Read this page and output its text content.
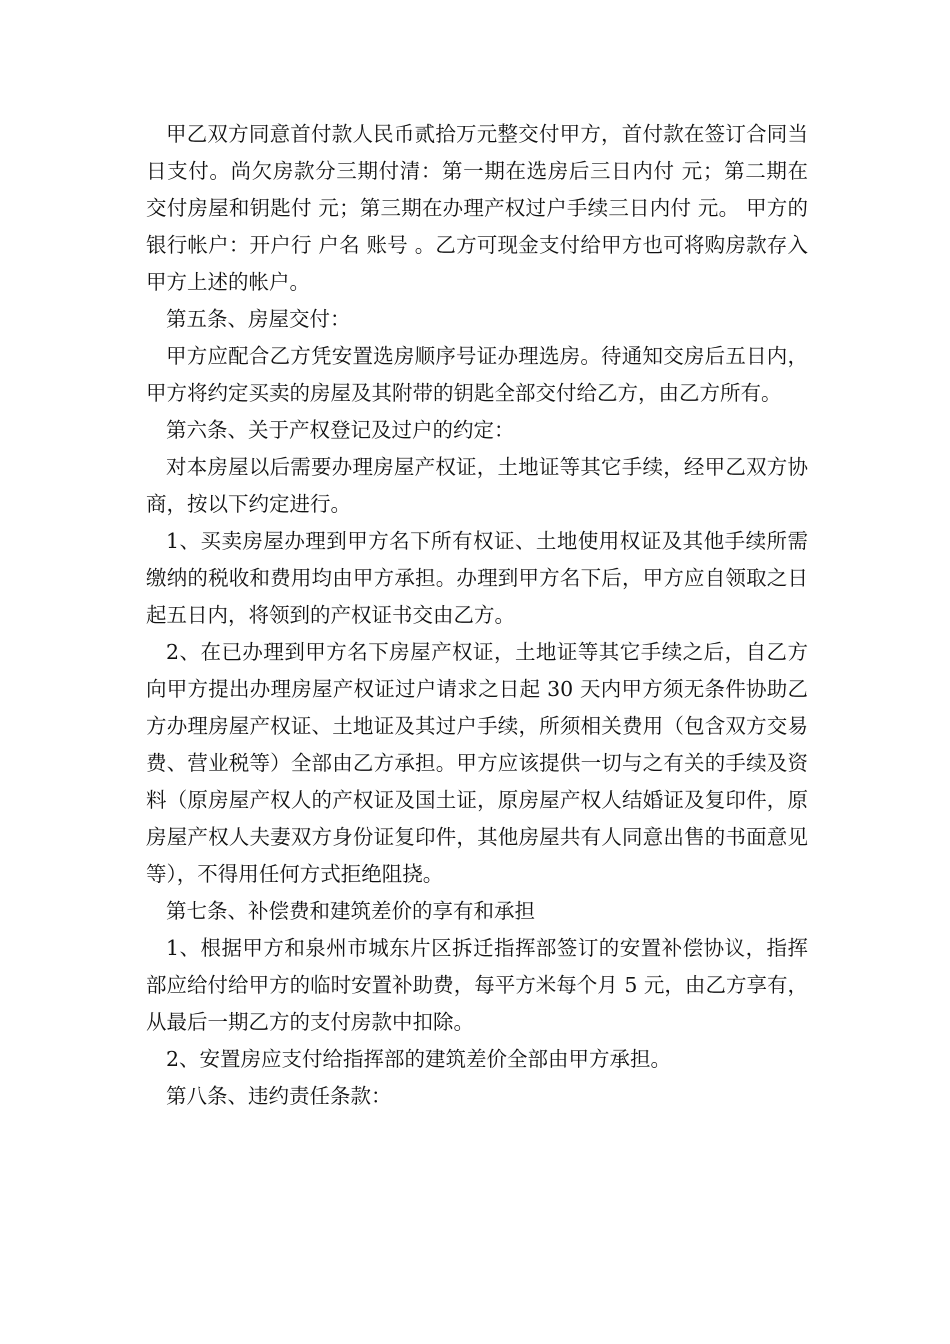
甲乙双方同意首付款人民币贰拾万元整交付甲方，首付款在签订合同当日支付。尚欠房款分三期付清：第一期在选房后三日内付 元；第二期在交付房屋和钥匙付 元；第三期在办理产权过户手续三日内付 元。 甲方的银行帐户：开户行 户名 账号 。乙方可现金支付给甲方也可将购房款存入甲方上述的帐户。

第五条、房屋交付：

甲方应配合乙方凭安置选房顺序号证办理选房。待通知交房后五日内，甲方将约定买卖的房屋及其附带的钥匙全部交付给乙方，由乙方所有。

第六条、关于产权登记及过户的约定：

对本房屋以后需要办理房屋产权证，土地证等其它手续，经甲乙双方协商，按以下约定进行。

1、买卖房屋办理到甲方名下所有权证、土地使用权证及其他手续所需缴纳的税收和费用均由甲方承担。办理到甲方名下后，甲方应自领取之日起五日内，将领到的产权证书交由乙方。

2、在已办理到甲方名下房屋产权证，土地证等其它手续之后，自乙方向甲方提出办理房屋产权证过户请求之日起 30 天内甲方须无条件协助乙方办理房屋产权证、土地证及其过户手续，所须相关费用（包含双方交易费、营业税等）全部由乙方承担。甲方应该提供一切与之有关的手续及资料（原房屋产权人的产权证及国土证，原房屋产权人结婚证及复印件，原房屋产权人夫妻双方身份证复印件，其他房屋共有人同意出售的书面意见等），不得用任何方式拒绝阻挠。

第七条、补偿费和建筑差价的享有和承担

1、根据甲方和泉州市城东片区拆迁指挥部签订的安置补偿协议，指挥部应给付给甲方的临时安置补助费，每平方米每个月 5 元，由乙方享有，从最后一期乙方的支付房款中扣除。

2、安置房应支付给指挥部的建筑差价全部由甲方承担。

第八条、违约责任条款：
